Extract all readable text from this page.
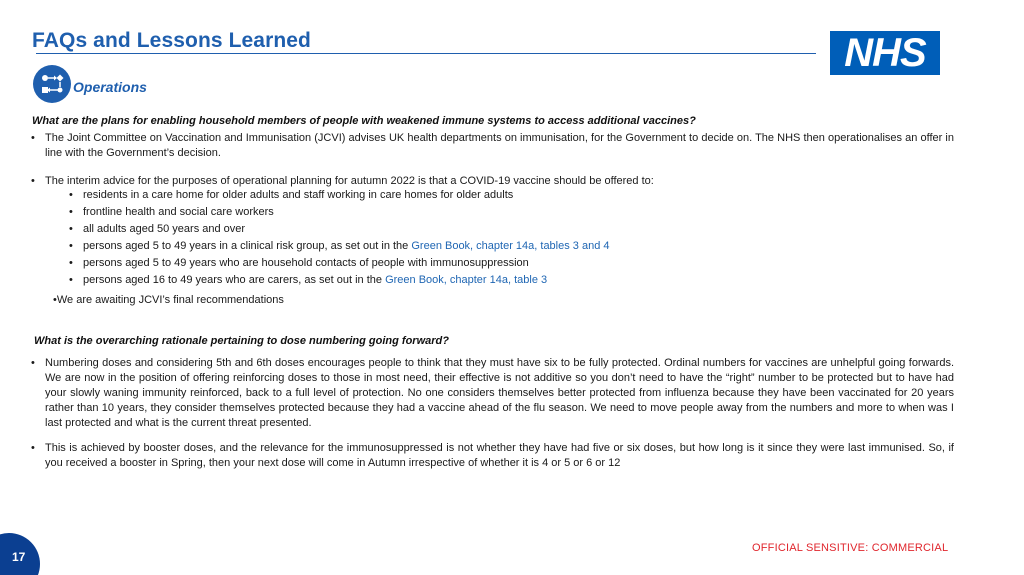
FAQs and Lessons Learned	NHS
Operations
What are the plans for enabling household members of people with weakened immune systems to access additional vaccines?
• The Joint Committee on Vaccination and Immunisation (JCVI) advises UK health departments on immunisation, for the Government to decide on. The NHS then operationalises an offer in line with the Government’s decision.
• The interim advice for the purposes of operational planning for autumn 2022 is that a COVID-19 vaccine should be offered to:
• residents in a care home for older adults and staff working in care homes for older adults
• frontline health and social care workers
• all adults aged 50 years and over
• persons aged 5 to 49 years in a clinical risk group, as set out in the Green Book, chapter 14a, tables 3 and 4
• persons aged 5 to 49 years who are household contacts of people with immunosuppression
• persons aged 16 to 49 years who are carers, as set out in the Green Book, chapter 14a, table 3
•We are awaiting JCVI’s final recommendations
What is the overarching rationale pertaining to dose numbering going forward?
• Numbering doses and considering 5th and 6th doses encourages people to think that they must have six to be fully protected. Ordinal numbers for vaccines are unhelpful going forwards. We are now in the position of offering reinforcing doses to those in most need, their effective is not additive so you don’t need to have the “right” number to be protected but to have had your slowly waning immunity reinforced, back to a full level of protection. No one considers themselves better protected from influenza because they have been vaccinated for 20 years rather than 10 years, they consider themselves protected because they had a vaccine ahead of the flu season. We need to move people away from the numbers and more to when was I last protected and what is the current threat presented.
• This is achieved by booster doses, and the relevance for the immunosuppressed is not whether they have had five or six doses, but how long is it since they were last immunised. So, if you received a booster in Spring, then your next dose will come in Autumn irrespective of whether it is 4 or 5 or 6 or 12
OFFICIAL SENSITIVE: COMMERCIAL
17
